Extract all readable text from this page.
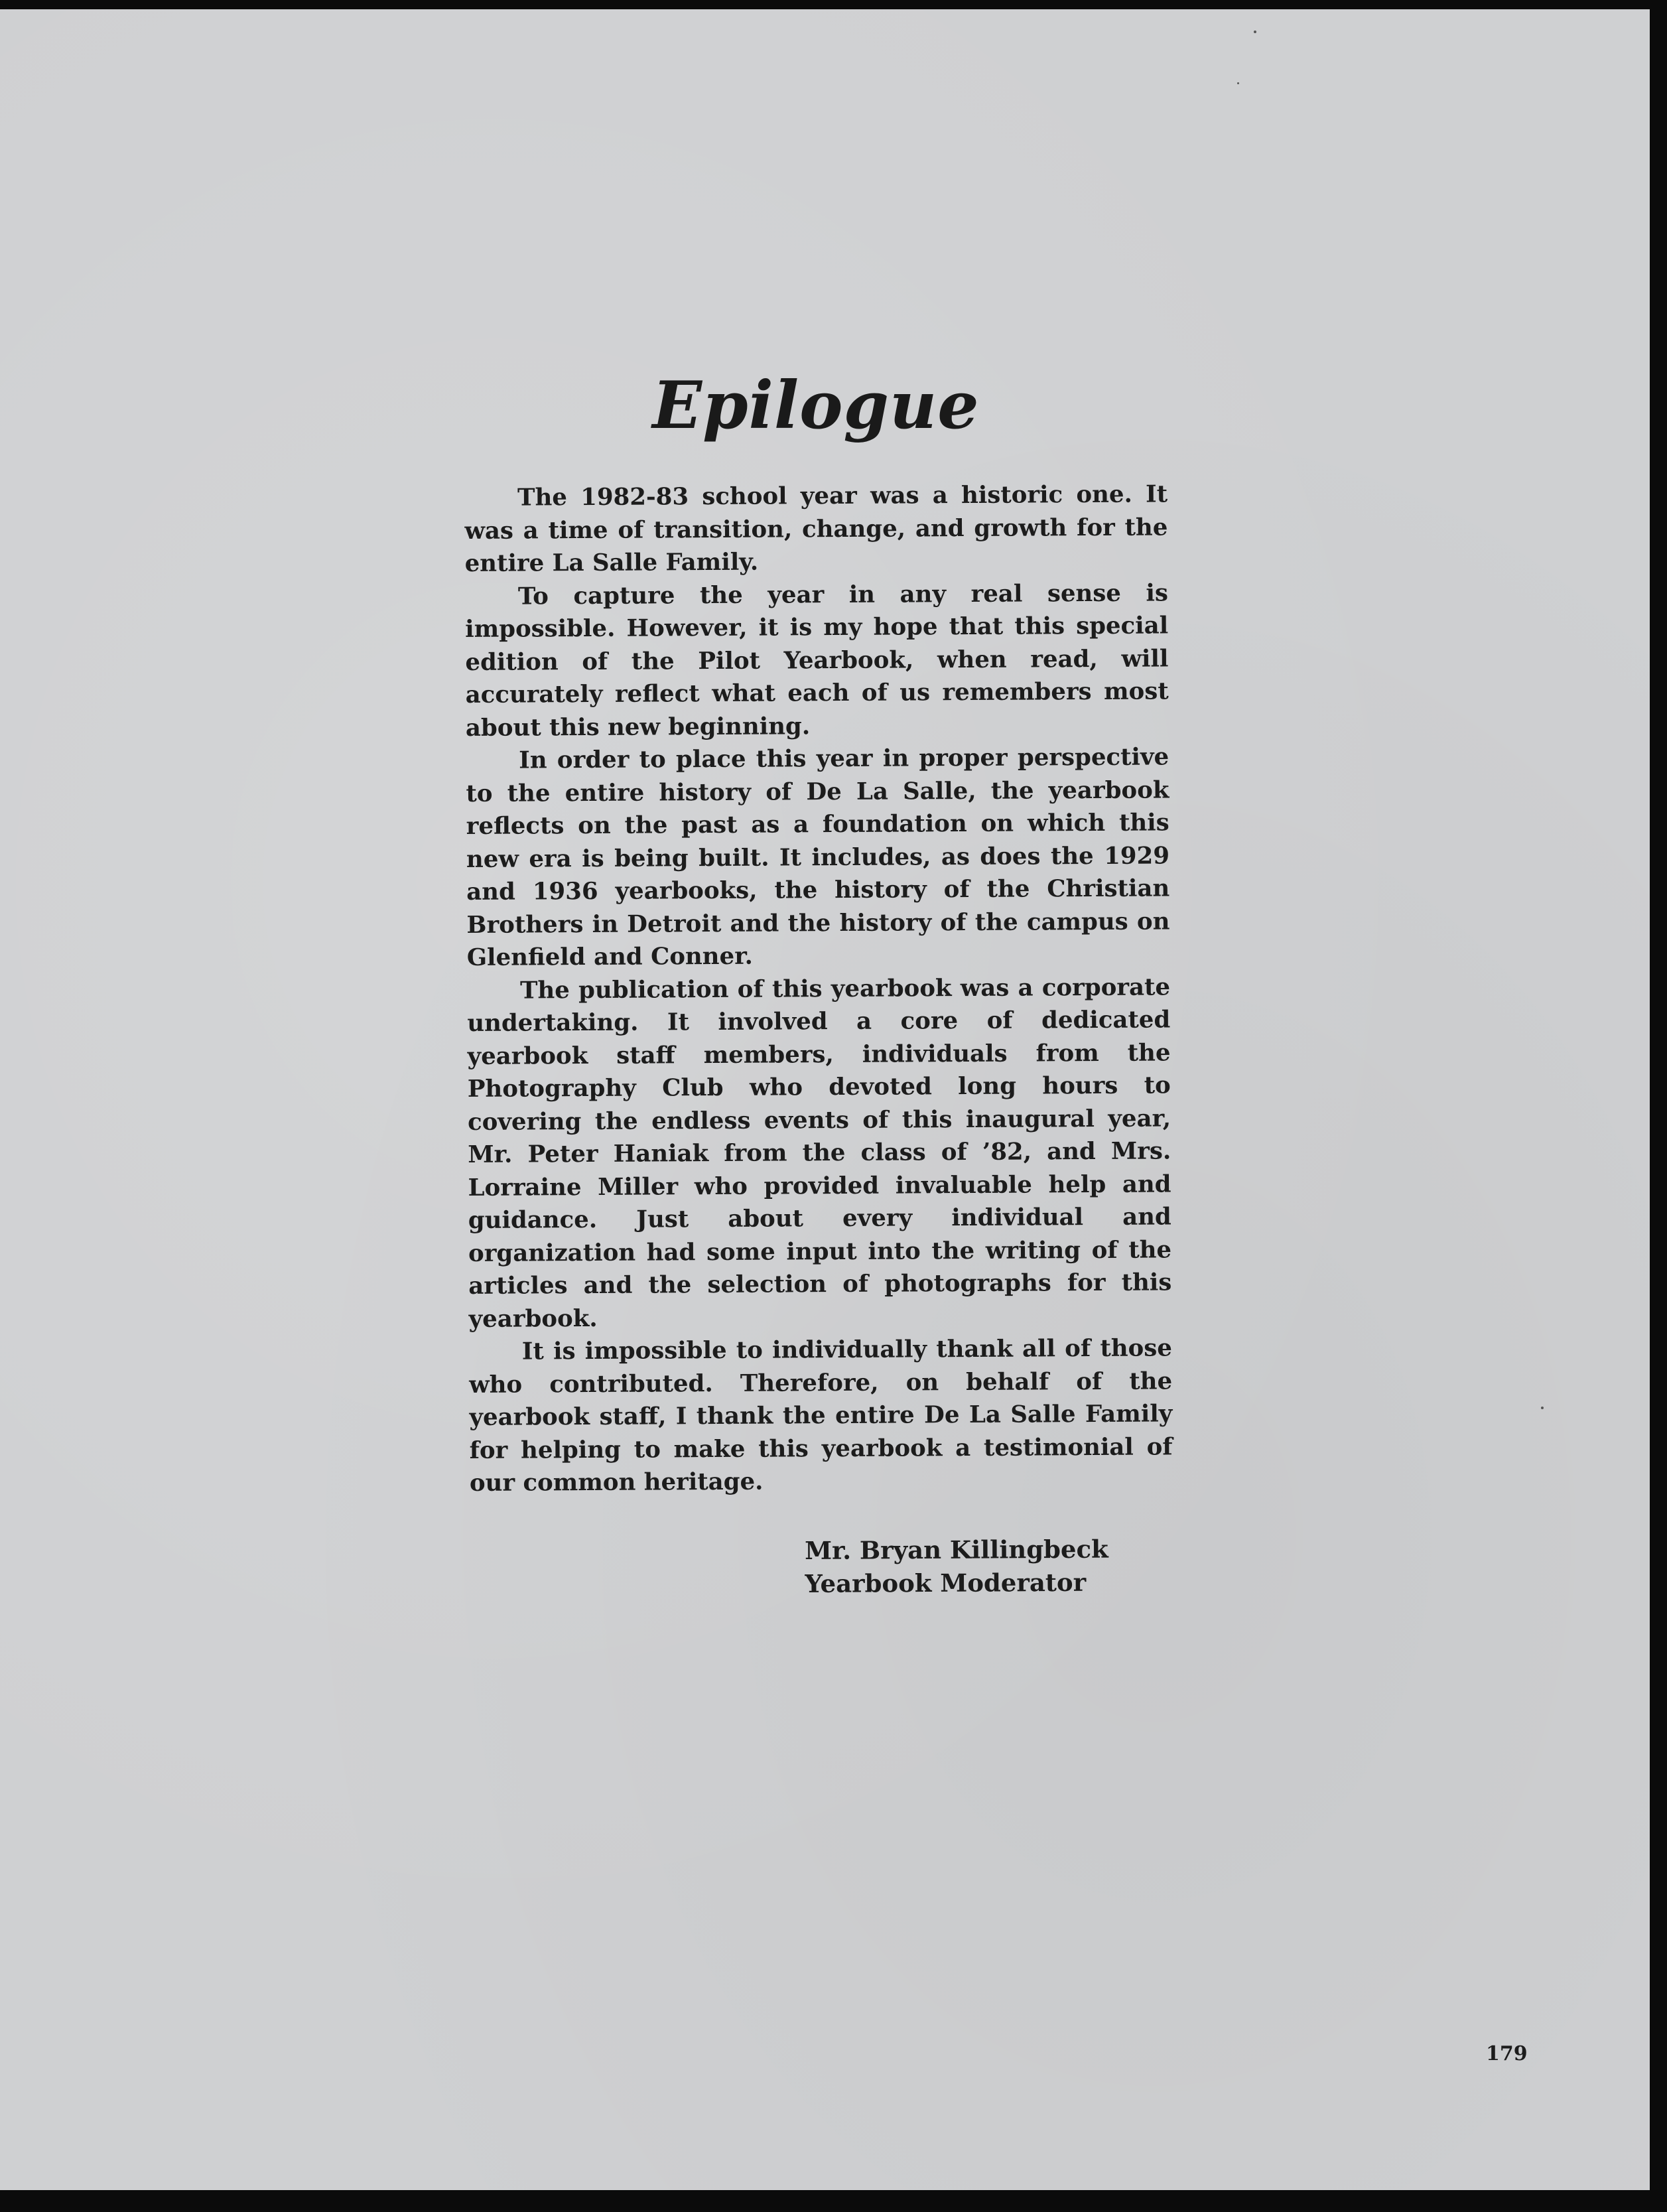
Epilogue

The 1982-83 school year was a historic one. It was a time of transition, change, and growth for the entire La Salle Family.

To capture the year in any real sense is impossible. However, it is my hope that this special edition of the Pilot Yearbook, when read, will accurately reflect what each of us remembers most about this new beginning.

In order to place this year in proper perspective to the entire history of De La Salle, the yearbook reflects on the past as a foundation on which this new era is being built. It includes, as does the 1929 and 1936 yearbooks, the history of the Christian Brothers in Detroit and the history of the campus on Glenfield and Conner.

The publication of this yearbook was a corporate undertaking. It involved a core of dedicated yearbook staff members, individuals from the Photography Club who devoted long hours to covering the endless events of this inaugural year, Mr. Peter Haniak from the class of ’82, and Mrs. Lorraine Miller who provided invaluable help and guidance. Just about every individual and organization had some input into the writing of the articles and the selection of photographs for this yearbook.

It is impossible to individually thank all of those who contributed. Therefore, on behalf of the yearbook staff, I thank the entire De La Salle Family for helping to make this yearbook a testimonial of our common heritage.

Mr. Bryan Killingbeck
Yearbook Moderator
179
